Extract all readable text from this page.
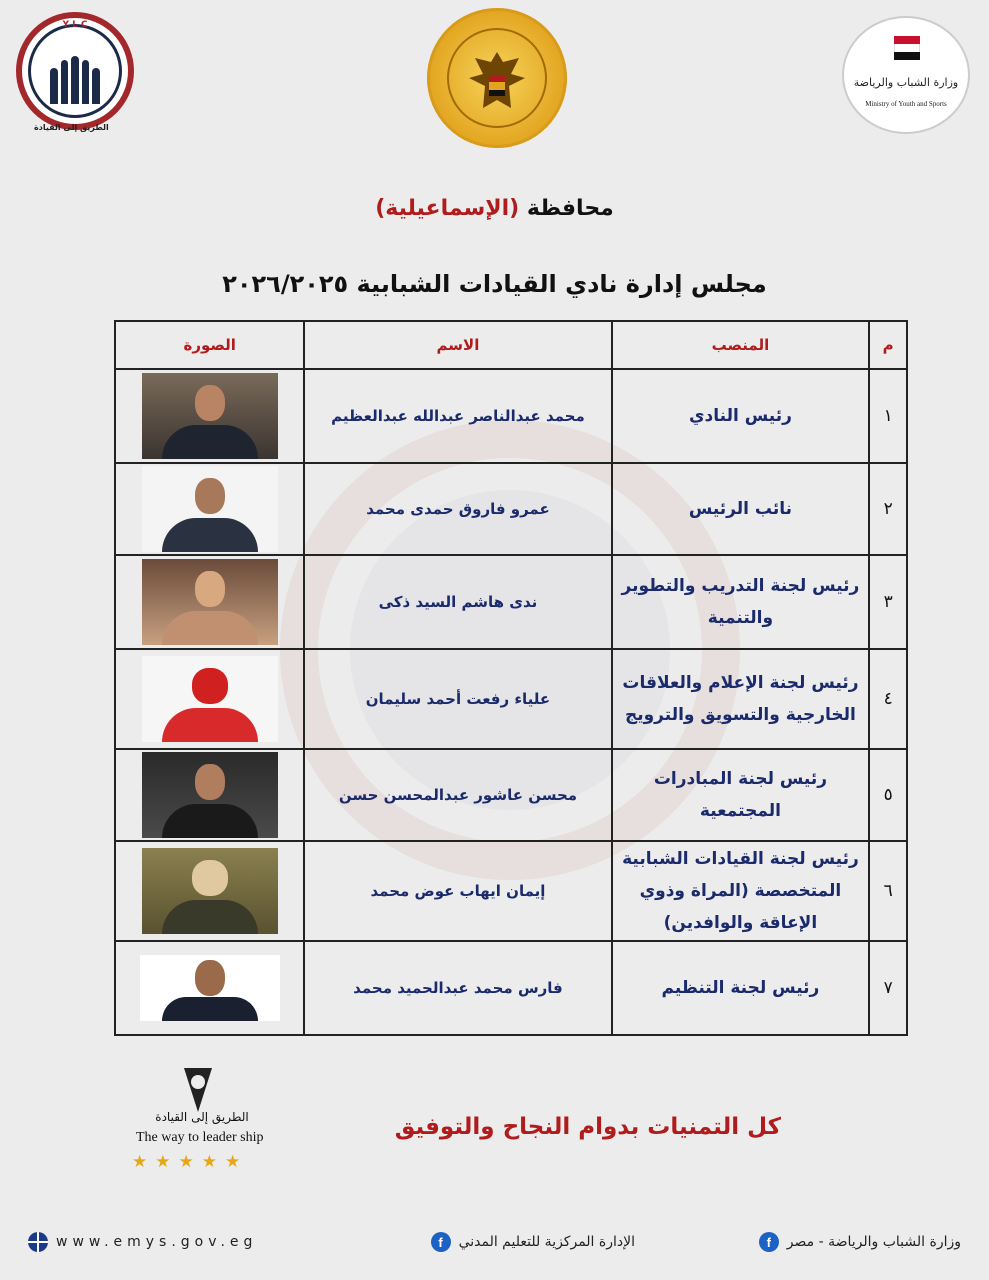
Y L C
الطريق إلى القيادة
وزارة الشباب والرياضة
Ministry of Youth and Sports
محافظة (الإسماعيلية)
مجلس إدارة نادي القيادات الشبابية ٢٠٢٦/٢٠٢٥
م	المنصب	الاسم	الصورة
١	رئيس النادي	محمد عبدالناصر عبدالله عبدالعظيم	

٢	نائب الرئيس	عمرو فاروق حمدى محمد	

٣	رئيس لجنة التدريب والتطوير والتنمية	ندى هاشم السيد ذكى	

٤	رئيس لجنة الإعلام والعلاقات الخارجية والتسويق والترويج	علياء رفعت أحمد سليمان	

٥	رئيس لجنة المبادرات المجتمعية	محسن عاشور عبدالمحسن حسن	

٦	رئيس لجنة القيادات الشبابية المتخصصة (المراة وذوي الإعاقة والوافدين)	إيمان ايهاب عوض محمد	

٧	رئيس لجنة التنظيم	فارس محمد عبدالحميد محمد	
الطريق إلى القيادة
The way to leader ship
★★★★★
كل التمنيات بدوام النجاح والتوفيق
وزارة الشباب والرياضة - مصر
f
الإدارة المركزية للتعليم المدني
f
www.emys.gov.eg
